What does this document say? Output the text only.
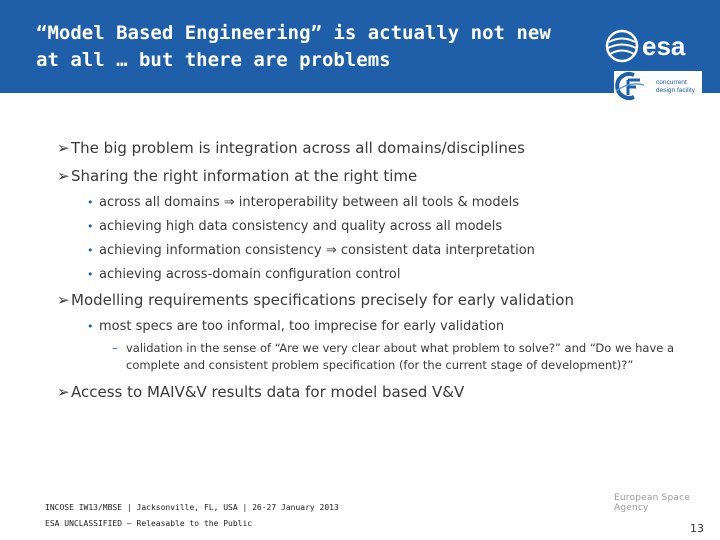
“Model Based Engineering” is actually not new at all … but there are problems	esa
concurrent
design facility
➢The big problem is integration across all domains/disciplines
➢Sharing the right information at the right time
• across all domains ⇒ interoperability between all tools & models
• achieving high data consistency and quality across all models
• achieving information consistency ⇒ consistent data interpretation
• achieving across-domain configuration control
➢Modelling requirements specifications precisely for early validation
• most specs are too informal, too imprecise for early validation
– validation in the sense of “Are we very clear about what problem to solve?” and “Do we have a complete and consistent problem specification (for the current stage of development)?”
➢Access to MAIV&V results data for model based V&V
INCOSE IW13/MBSE | Jacksonville, FL, USA | 26-27 January 2013
ESA UNCLASSIFIED – Releasable to the Public
European Space Agency
13
